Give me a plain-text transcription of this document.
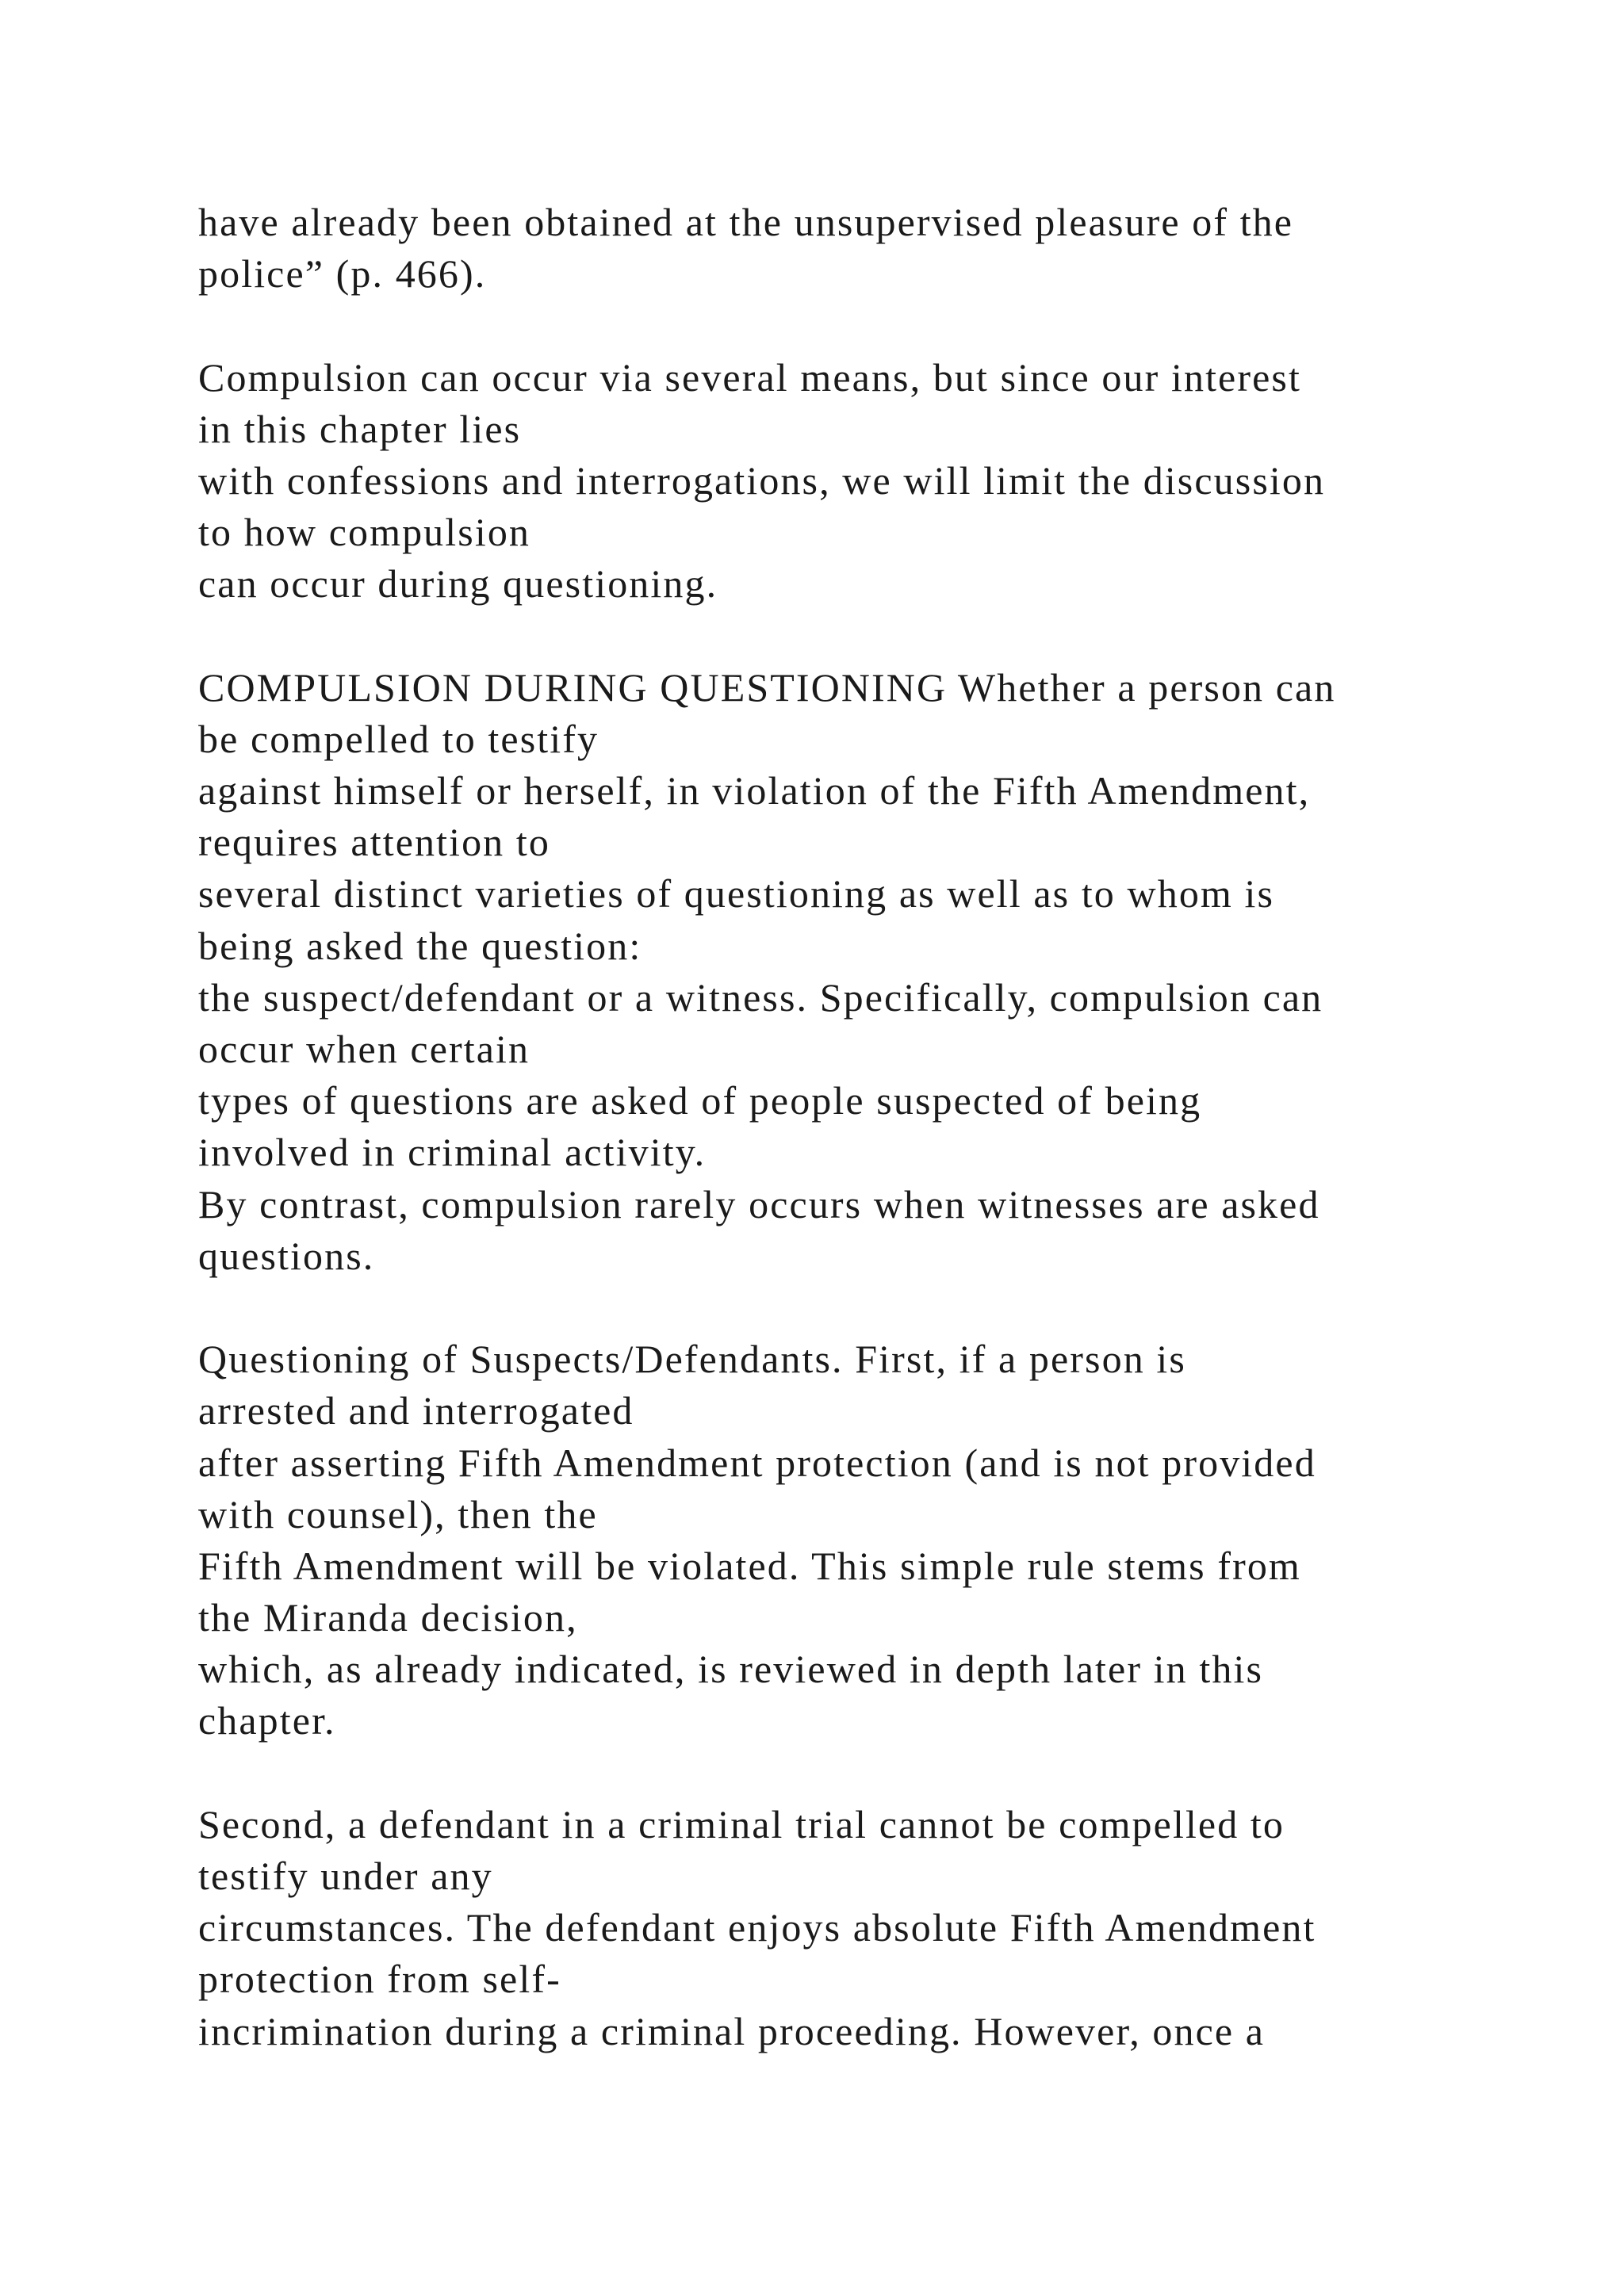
have already been obtained at the unsupervised pleasure of the
police” (p. 466).

Compulsion can occur via several means, but since our interest
in this chapter lies
with confessions and interrogations, we will limit the discussion
to how compulsion
can occur during questioning.

COMPULSION DURING QUESTIONING Whether a person can
be compelled to testify
against himself or herself, in violation of the Fifth Amendment,
requires attention to
several distinct varieties of questioning as well as to whom is
being asked the question:
the suspect/defendant or a witness. Specifically, compulsion can
occur when certain
types of questions are asked of people suspected of being
involved in criminal activity.
By contrast, compulsion rarely occurs when witnesses are asked
questions.

Questioning of Suspects/Defendants. First, if a person is
arrested and interrogated
after asserting Fifth Amendment protection (and is not provided
with counsel), then the
Fifth Amendment will be violated. This simple rule stems from
the Miranda decision,
which, as already indicated, is reviewed in depth later in this
chapter.

Second, a defendant in a criminal trial cannot be compelled to
testify under any
circumstances. The defendant enjoys absolute Fifth Amendment
protection from self-
incrimination during a criminal proceeding. However, once a
